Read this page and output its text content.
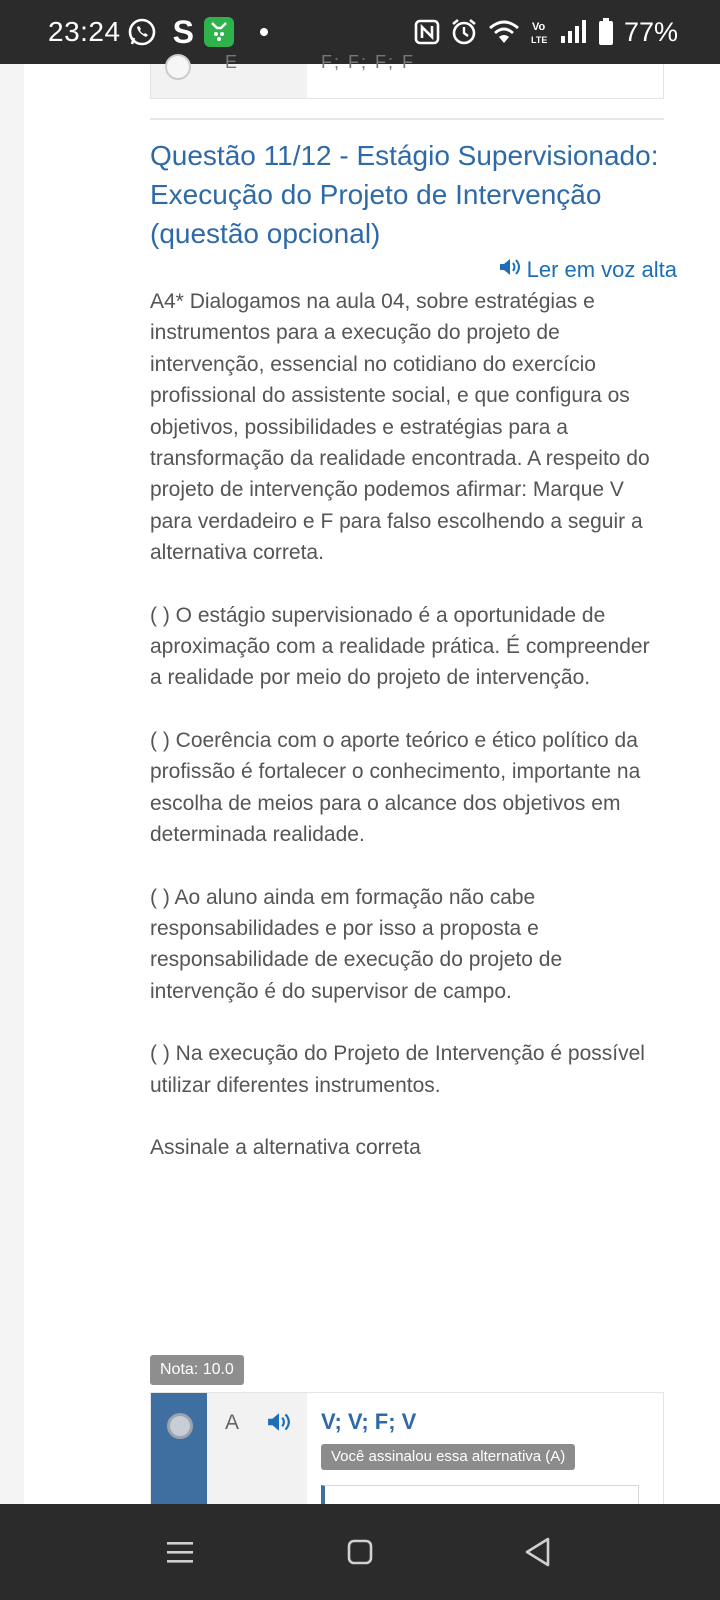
23:24 S	Vo
LTE	77%
E	F; F; F; F
Questão 11/12 - Estágio Supervisionado: Execução do Projeto de Intervenção (questão opcional)
Ler em voz alta

A4* Dialogamos na aula 04, sobre estratégias e instrumentos para a execução do projeto de intervenção, essencial no cotidiano do exercício profissional do assistente social, e que configura os objetivos, possibilidades e estratégias para a transformação da realidade encontrada. A respeito do projeto de intervenção podemos afirmar: Marque V para verdadeiro e F para falso escolhendo a seguir a alternativa correta.

( ) O estágio supervisionado é a oportunidade de aproximação com a realidade prática. É compreender a realidade por meio do projeto de intervenção.

( ) Coerência com o aporte teórico e ético político da profissão é fortalecer o conhecimento, importante na escolha de meios para o alcance dos objetivos em determinada realidade.

( ) Ao aluno ainda em formação não cabe responsabilidades e por isso a proposta e responsabilidade de execução do projeto de intervenção é do supervisor de campo.

( ) Na execução do Projeto de Intervenção é possível utilizar diferentes instrumentos.

Assinale a alternativa correta

Nota: 10.0
A	V; V; F; V
Você assinalou essa alternativa (A)
